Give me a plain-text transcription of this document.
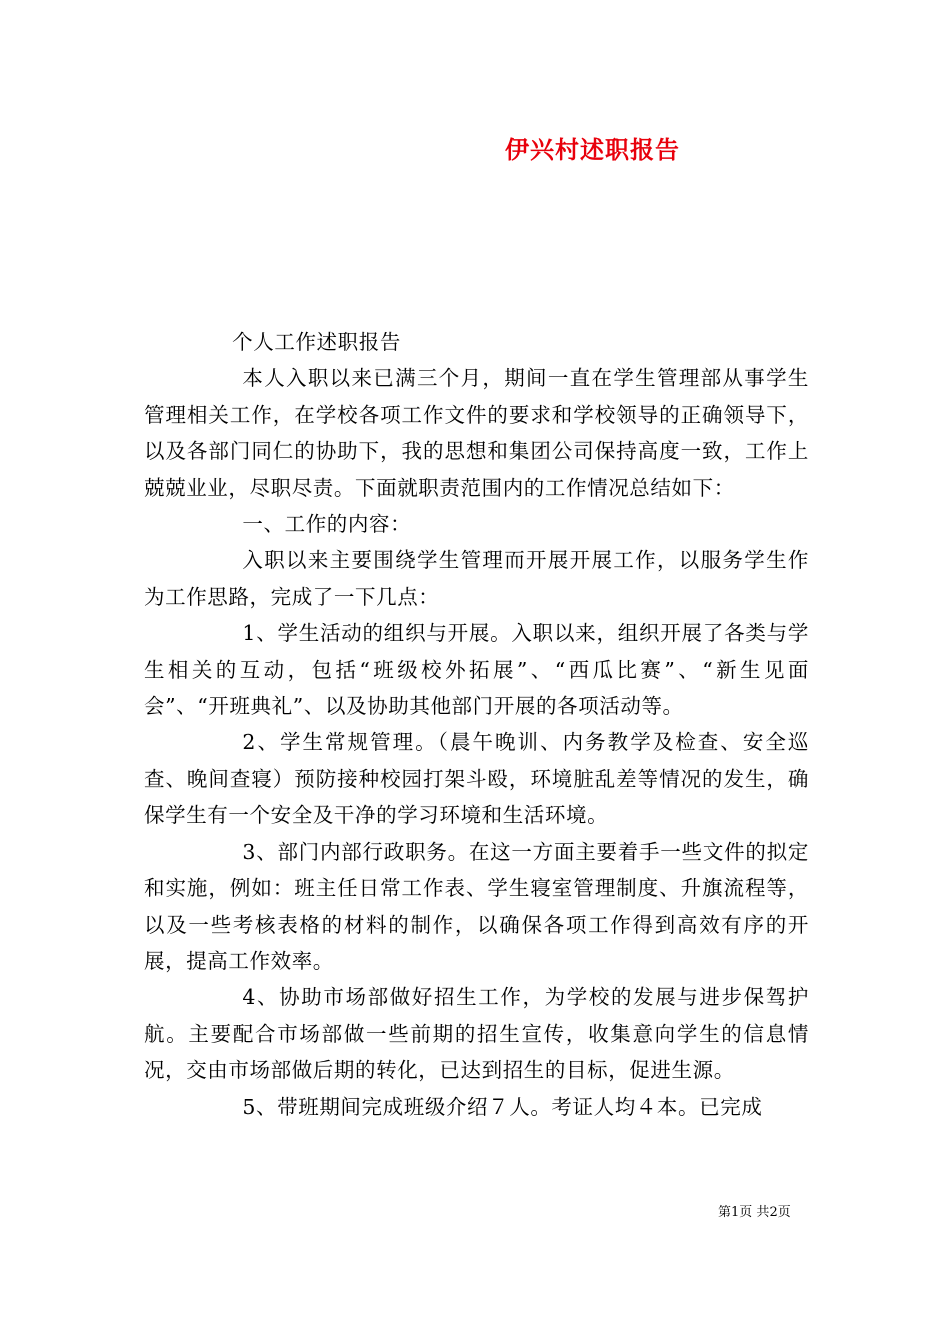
伊兴村述职报告

个人工作述职报告

本人入职以来已满三个月，期间一直在学生管理部从事学生管理相关工作，在学校各项工作文件的要求和学校领导的正确领导下，以及各部门同仁的协助下，我的思想和集团公司保持高度一致，工作上兢兢业业，尽职尽责。下面就职责范围内的工作情况总结如下：

一、工作的内容：

入职以来主要围绕学生管理而开展开展工作，以服务学生作为工作思路，完成了一下几点：

1、学生活动的组织与开展。入职以来，组织开展了各类与学生相关的互动，包括“班级校外拓展”、“西瓜比赛”、“新生见面会”、“开班典礼”、以及协助其他部门开展的各项活动等。

2、学生常规管理。（晨午晚训、内务教学及检查、安全巡查、晚间查寝）预防接种校园打架斗殴，环境脏乱差等情况的发生，确保学生有一个安全及干净的学习环境和生活环境。

3、部门内部行政职务。在这一方面主要着手一些文件的拟定和实施，例如：班主任日常工作表、学生寝室管理制度、升旗流程等，以及一些考核表格的材料的制作，以确保各项工作得到高效有序的开展，提高工作效率。

4、协助市场部做好招生工作，为学校的发展与进步保驾护航。主要配合市场部做一些前期的招生宣传，收集意向学生的信息情况，交由市场部做后期的转化，已达到招生的目标，促进生源。

5、带班期间完成班级介绍７人。考证人均４本。已完成

第1页 共2页
